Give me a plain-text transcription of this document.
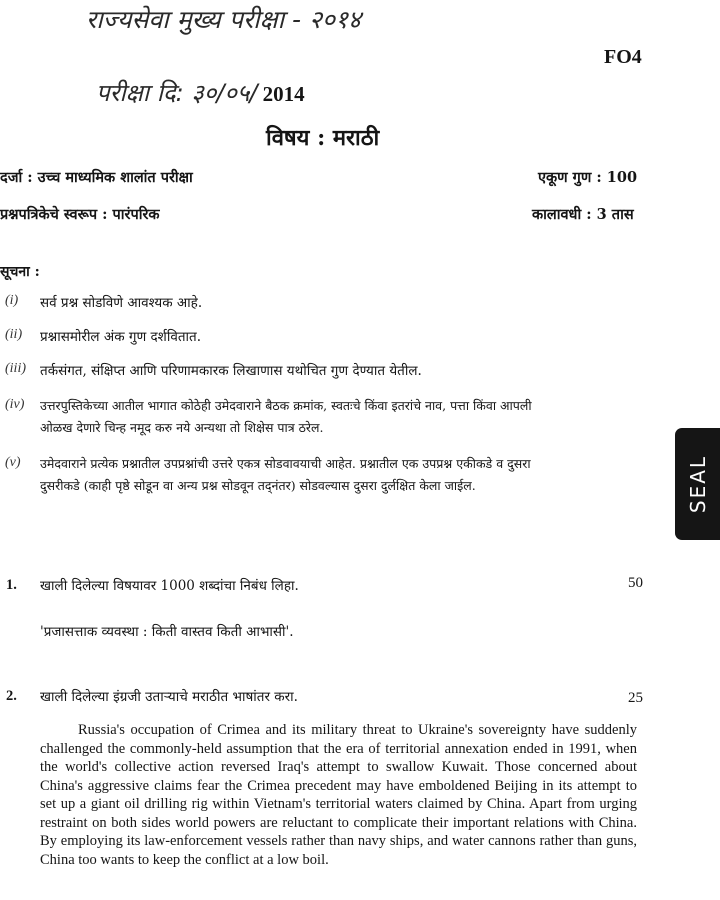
राज्यसेवा मुख्य परीक्षा - २०१४
FO4
परीक्षा दि: ३०/०५/ 2014
विषय : मराठी
दर्जा : उच्च माध्यमिक शालांत परीक्षा	एकूण गुण : 100
प्रश्नपत्रिकेचे स्वरूप : पारंपरिक	कालावधी : 3 तास
सूचना :
(i) सर्व प्रश्न सोडविणे आवश्यक आहे.
(ii) प्रश्नासमोरील अंक गुण दर्शवितात.
(iii) तर्कसंगत, संक्षिप्त आणि परिणामकारक लिखाणास यथोचित गुण देण्यात येतील.
(iv) उत्तरपुस्तिकेच्या आतील भागात कोठेही उमेदवाराने बैठक क्रमांक, स्वतःचे किंवा इतरांचे नाव, पत्ता किंवा आपली
ओळख देणारे चिन्ह नमूद करु नये अन्यथा तो शिक्षेस पात्र ठरेल.
(v) उमेदवाराने प्रत्येक प्रश्नातील उपप्रश्नांची उत्तरे एकत्र सोडवावयाची आहेत. प्रश्नातील एक उपप्रश्न एकीकडे व दुसरा
दुसरीकडे (काही पृष्ठे सोडून वा अन्य प्रश्न सोडवून तद्नंतर) सोडवल्यास दुसरा दुर्लक्षित केला जाईल.	SEAL
1. खाली दिलेल्या विषयावर 1000 शब्दांचा निबंध लिहा.	50
'प्रजासत्ताक व्यवस्था : किती वास्तव किती आभासी'.
2. खाली दिलेल्या इंग्रजी उताऱ्याचे मराठीत भाषांतर करा.	25
Russia's occupation of Crimea and its military threat to Ukraine's sovereignty have suddenly challenged the commonly-held assumption that the era of territorial annexation ended in 1991, when the world's collective action reversed Iraq's attempt to swallow Kuwait. Those concerned about China's aggressive claims fear the Crimea precedent may have emboldened Beijing in its attempt to set up a giant oil drilling rig within Vietnam's territorial waters claimed by China. Apart from urging restraint on both sides world powers are reluctant to complicate their important relations with China. By employing its law-enforcement vessels rather than navy ships, and water cannons rather than guns, China too wants to keep the conflict at a low boil.
